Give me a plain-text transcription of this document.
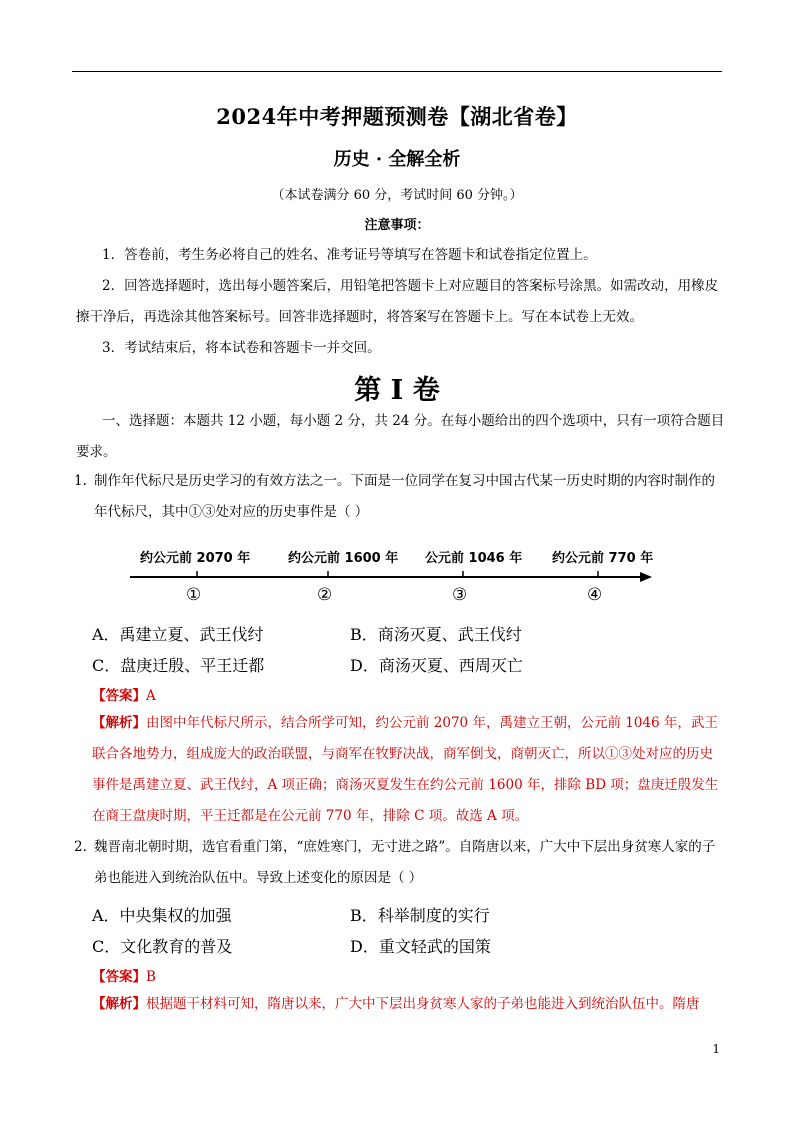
2024年中考押题预测卷【湖北省卷】
历史 · 全解全析
（本试卷满分 60 分，考试时间 60 分钟。）
注意事项：
1．答卷前，考生务必将自己的姓名、准考证号等填写在答题卡和试卷指定位置上。
2．回答选择题时，选出每小题答案后，用铅笔把答题卡上对应题目的答案标号涂黑。如需改动，用橡皮擦干净后，再选涂其他答案标号。回答非选择题时，将答案写在答题卡上。写在本试卷上无效。
3．考试结束后，将本试卷和答题卡一并交回。
第 I 卷
一、选择题：本题共 12 小题，每小题 2 分，共 24 分。在每小题给出的四个选项中，只有一项符合题目要求。
1. 制作年代标尺是历史学习的有效方法之一。下面是一位同学在复习中国古代某一历史时期的内容时制作的年代标尺，其中①③处对应的历史事件是（ ）
约公元前 2070 年	约公元前 1600 年 公元前 1046 年 约公元前 770 年
①	②	③	④
A．禹建立夏、武王伐纣	B．商汤灭夏、武王伐纣
C．盘庚迁殷、平王迁都	D．商汤灭夏、西周灭亡
【答案】A
【解析】由图中年代标尺所示，结合所学可知，约公元前 2070 年，禹建立王朝，公元前 1046 年，武王联合各地势力，组成庞大的政治联盟，与商军在牧野决战，商军倒戈，商朝灭亡，所以①③处对应的历史事件是禹建立夏、武王伐纣，A 项正确；商汤灭夏发生在约公元前 1600 年，排除 BD 项；盘庚迁殷发生在商王盘庚时期，平王迁都是在公元前 770 年，排除 C 项。故选 A 项。
2. 魏晋南北朝时期，选官看重门第，“庶姓寒门，无寸进之路”。自隋唐以来，广大中下层出身贫寒人家的子弟也能进入到统治队伍中。导致上述变化的原因是（ ）
A．中央集权的加强	B．科举制度的实行
C．文化教育的普及	D．重文轻武的国策
【答案】B
【解析】根据题干材料可知，隋唐以来，广大中下层出身贫寒人家的子弟也能进入到统治队伍中。隋唐
1
